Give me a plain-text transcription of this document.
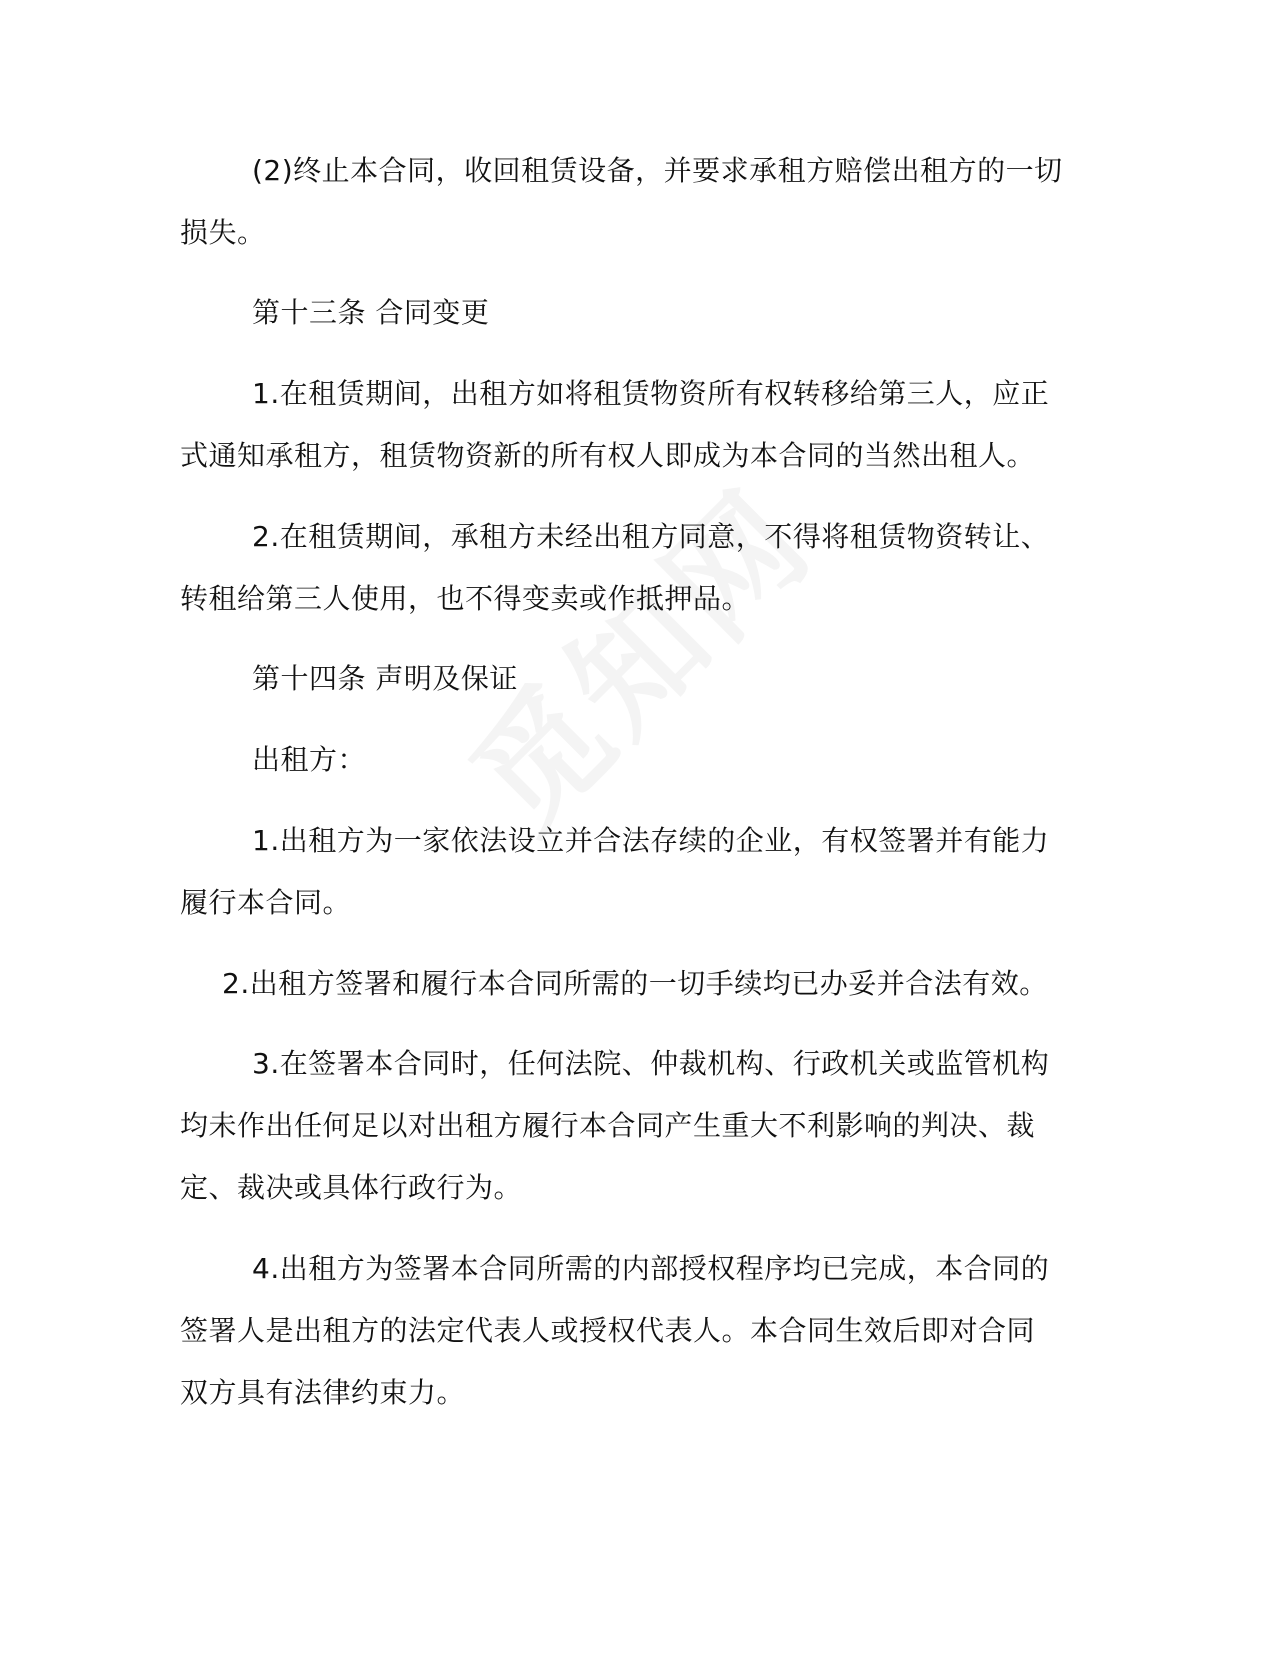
(2)终止本合同，收回租赁设备，并要求承租方赔偿出租方的一切
损失。
第十三条 合同变更
1.在租赁期间，出租方如将租赁物资所有权转移给第三人，应正
式通知承租方，租赁物资新的所有权人即成为本合同的当然出租人。
2.在租赁期间，承租方未经出租方同意，不得将租赁物资转让、
转租给第三人使用，也不得变卖或作抵押品。
第十四条 声明及保证
出租方：
1.出租方为一家依法设立并合法存续的企业，有权签署并有能力
履行本合同。
2.出租方签署和履行本合同所需的一切手续均已办妥并合法有效。
3.在签署本合同时，任何法院、仲裁机构、行政机关或监管机构
均未作出任何足以对出租方履行本合同产生重大不利影响的判决、裁
定、裁决或具体行政行为。
4.出租方为签署本合同所需的内部授权程序均已完成，本合同的
签署人是出租方的法定代表人或授权代表人。本合同生效后即对合同
双方具有法律约束力。
